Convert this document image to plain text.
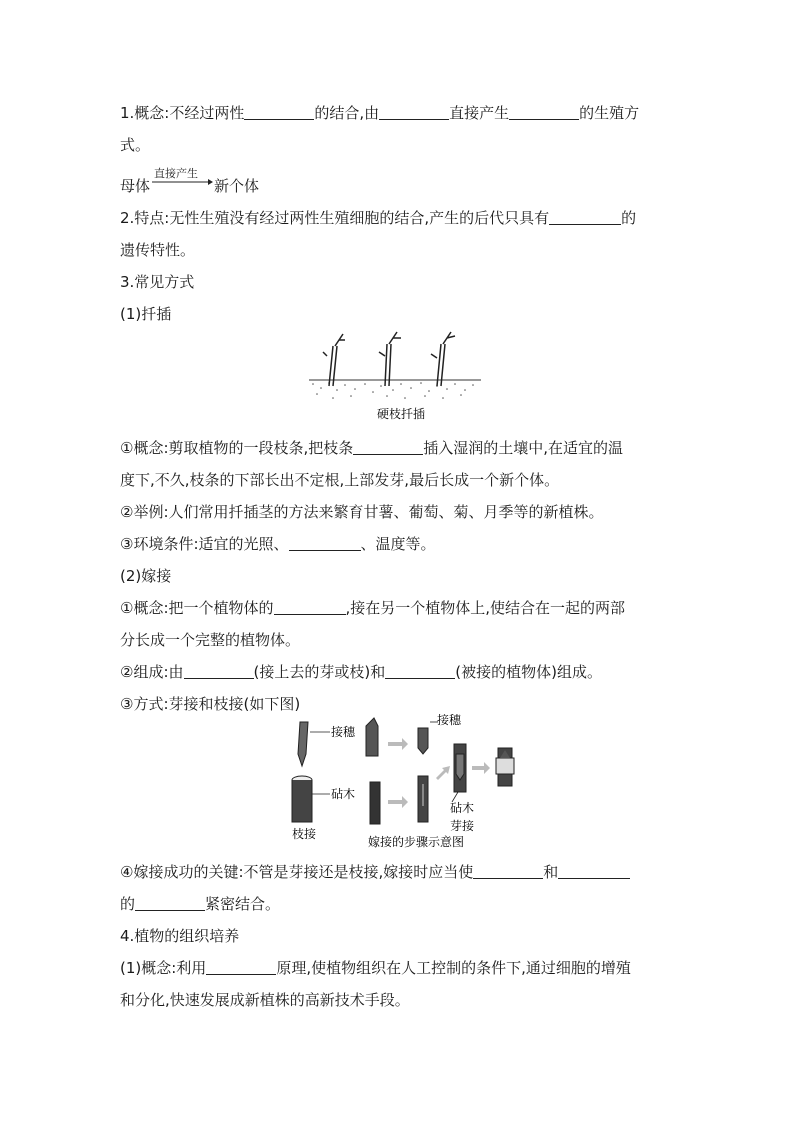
1.概念:不经过两性	的结合,由	直接产生	的生殖方
式。
母体
直接产生
新个体
2.特点:无性生殖没有经过两性生殖细胞的结合,产生的后代只具有	的
遗传特性。
3.常见方式
(1)扦插
硬枝扦插
①概念:剪取植物的一段枝条,把枝条	插入湿润的土壤中,在适宜的温
度下,不久,枝条的下部长出不定根,上部发芽,最后长成一个新个体。
②举例:人们常用扦插茎的方法来繁育甘薯、葡萄、菊、月季等的新植株。
③环境条件:适宜的光照、	、温度等。
(2)嫁接
①概念:把一个植物体的	,接在另一个植物体上,使结合在一起的两部
分长成一个完整的植物体。
②组成:由	(接上去的芽或枝)和	(被接的植物体)组成。
③方式:芽接和枝接(如下图)
接穗
砧木
枝接
接穗
砧木
芽接
嫁接的步骤示意图
④嫁接成功的关键:不管是芽接还是枝接,嫁接时应当使	和
的	紧密结合。
4.植物的组织培养
(1)概念:利用	原理,使植物组织在人工控制的条件下,通过细胞的增殖
和分化,快速发展成新植株的高新技术手段。
